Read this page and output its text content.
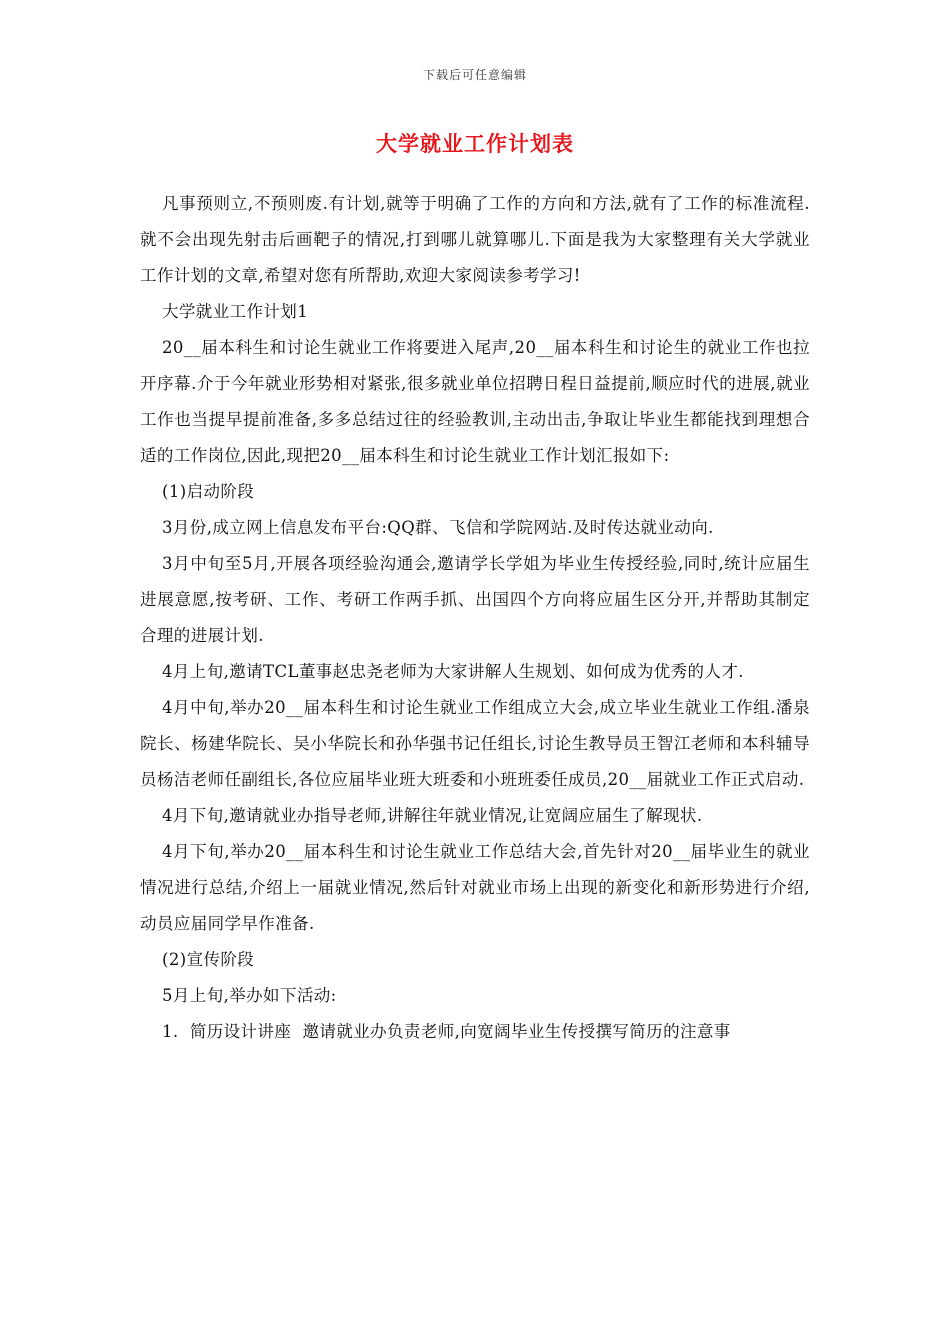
下载后可任意编辑
大学就业工作计划表

凡事预则立,不预则废.有计划,就等于明确了工作的方向和方法,就有了工作的标准流程.就不会出现先射击后画靶子的情况,打到哪儿就算哪儿.下面是我为大家整理有关大学就业工作计划的文章,希望对您有所帮助,欢迎大家阅读参考学习!

大学就业工作计划1

20__届本科生和讨论生就业工作将要进入尾声,20__届本科生和讨论生的就业工作也拉开序幕.介于今年就业形势相对紧张,很多就业单位招聘日程日益提前,顺应时代的进展,就业工作也当提早提前准备,多多总结过往的经验教训,主动出击,争取让毕业生都能找到理想合适的工作岗位,因此,现把20__届本科生和讨论生就业工作计划汇报如下:

(1)启动阶段

3月份,成立网上信息发布平台:QQ群、飞信和学院网站.及时传达就业动向.

3月中旬至5月,开展各项经验沟通会,邀请学长学姐为毕业生传授经验,同时,统计应届生进展意愿,按考研、工作、考研工作两手抓、出国四个方向将应届生区分开,并帮助其制定合理的进展计划.

4月上旬,邀请TCL董事赵忠尧老师为大家讲解人生规划、如何成为优秀的人才.

4月中旬,举办20__届本科生和讨论生就业工作组成立大会,成立毕业生就业工作组.潘泉院长、杨建华院长、吴小华院长和孙华强书记任组长,讨论生教导员王智江老师和本科辅导员杨洁老师任副组长,各位应届毕业班大班委和小班班委任成员,20__届就业工作正式启动.

4月下旬,邀请就业办指导老师,讲解往年就业情况,让宽阔应届生了解现状.

4月下旬,举办20__届本科生和讨论生就业工作总结大会,首先针对20__届毕业生的就业情况进行总结,介绍上一届就业情况,然后针对就业市场上出现的新变化和新形势进行介绍,动员应届同学早作准备.

(2)宣传阶段

5月上旬,举办如下活动:

1.  简历设计讲座  邀请就业办负责老师,向宽阔毕业生传授撰写简历的注意事
